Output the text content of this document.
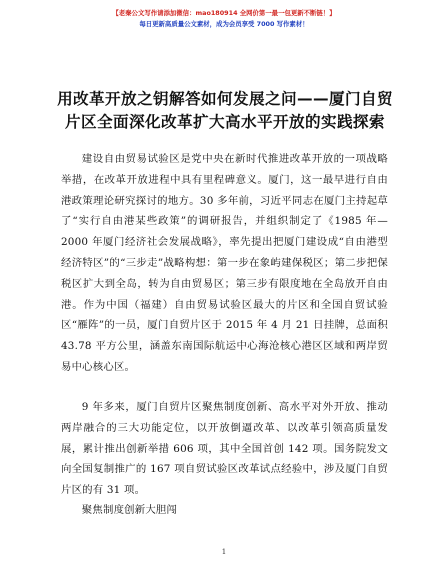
【老秦公文写作请添加微信：mao180914 全网价第一最一包更新不断链！】
每日更新高质量公文素材，成为会员享受 7000 写作素材！
用改革开放之钥解答如何发展之问——厦门自贸片区全面深化改革扩大高水平开放的实践探索

建设自由贸易试验区是党中央在新时代推进改革开放的一项战略举措，在改革开放进程中具有里程碑意义。厦门，这一最早进行自由港政策理论研究探讨的地方。30 多年前，习近平同志在厦门主持起草了“实行自由港某些政策”的调研报告，并组织制定了《1985 年—2000 年厦门经济社会发展战略》，率先提出把厦门建设成“自由港型经济特区”的“三步走”战略构想：第一步在象屿建保税区；第二步把保税区扩大到全岛，转为自由贸易区；第三步有限度地在全岛放开自由港。作为中国（福建）自由贸易试验区最大的片区和全国自贸试验区“雁阵”的一员，厦门自贸片区于 2015 年 4 月 21 日挂牌，总面积 43.78 平方公里，涵盖东南国际航运中心海沧核心港区区域和两岸贸易中心核心区。

9 年多来，厦门自贸片区聚焦制度创新、高水平对外开放、推动两岸融合的三大功能定位，以开放倒逼改革、以改革引领高质量发展，累计推出创新举措 606 项，其中全国首创 142 项。国务院发文向全国复制推广的 167 项自贸试验区改革试点经验中，涉及厦门自贸片区的有 31 项。

聚焦制度创新大胆闯

1
